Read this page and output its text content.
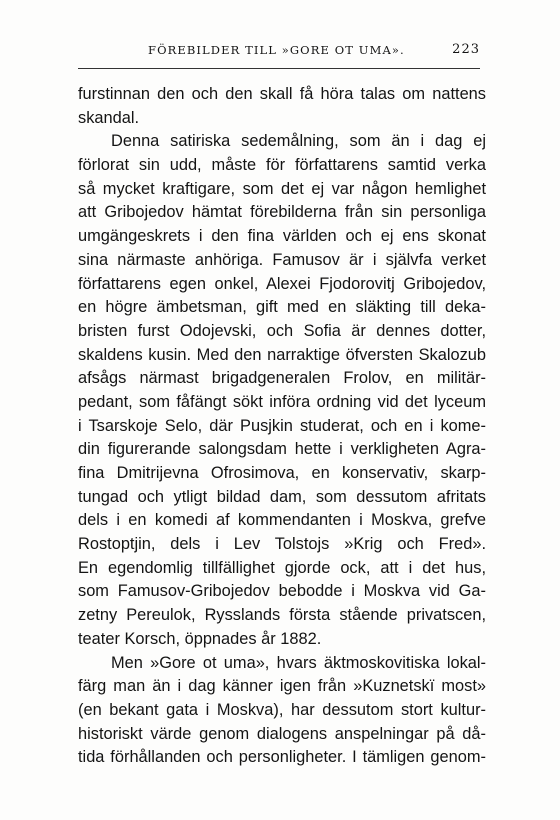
FÖREBILDER TILL »GORE OT UMA».	223
furstinnan den och den skall få höra talas om nattens
skandal.
Denna satiriska sedemålning, som än i dag ej
förlorat sin udd, måste för författarens samtid verka
så mycket kraftigare, som det ej var någon hemlighet
att Gribojedov hämtat förebilderna från sin personliga
umgängeskrets i den fina världen och ej ens skonat
sina närmaste anhöriga. Famusov är i självfa verket
författarens egen onkel, Alexei Fjodorovitj Gribojedov,
en högre ämbetsman, gift med en släkting till deka-
bristen furst Odojevski, och Sofia är dennes dotter,
skaldens kusin. Med den narraktige öfversten Skalozub
afsågs närmast brigadgeneralen Frolov, en militär-
pedant, som fåfängt sökt införa ordning vid det lyceum
i Tsarskoje Selo, där Pusjkin studerat, och en i kome-
din figurerande salongsdam hette i verkligheten Agra-
fina Dmitrijevna Ofrosimova, en konservativ, skarp-
tungad och ytligt bildad dam, som dessutom afritats
dels i en komedi af kommendanten i Moskva, grefve
Rostoptjin, dels i Lev Tolstojs »Krig och Fred».
En egendomlig tillfällighet gjorde ock, att i det hus,
som Famusov-Gribojedov bebodde i Moskva vid Ga-
zetny Pereulok, Rysslands första stående privatscen,
teater Korsch, öppnades år 1882.
Men »Gore ot uma», hvars äktmoskovitiska lokal-
färg man än i dag känner igen från »Kuznetskï most»
(en bekant gata i Moskva), har dessutom stort kultur-
historiskt värde genom dialogens anspelningar på då-
tida förhållanden och personligheter. I tämligen genom-
